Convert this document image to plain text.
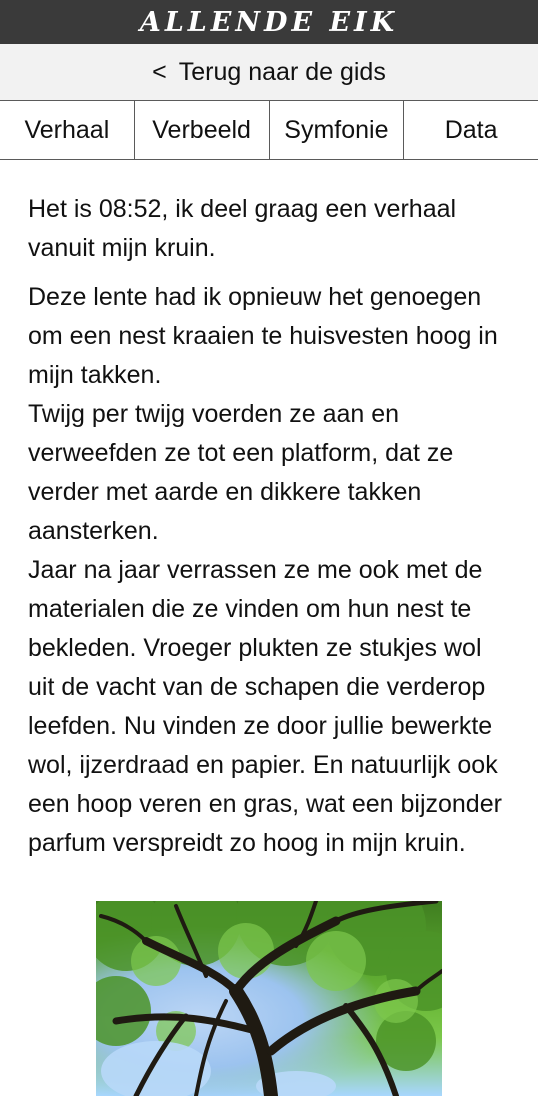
ALLENDE EIK
< Terug naar de gids
Verhaal Verbeeld Symfonie Data

Het is 08:52, ik deel graag een verhaal vanuit mijn kruin.

Deze lente had ik opnieuw het genoegen om een nest kraaien te huisvesten hoog in mijn takken.
Twijg per twijg voerden ze aan en verweefden ze tot een platform, dat ze verder met aarde en dikkere takken aansterken.
Jaar na jaar verrassen ze me ook met de materialen die ze vinden om hun nest te bekleden. Vroeger plukten ze stukjes wol uit de vacht van de schapen die verderop leefden. Nu vinden ze door jullie bewerkte wol, ijzerdraad en papier. En natuurlijk ook een hoop veren en gras, wat een bijzonder parfum verspreidt zo hoog in mijn kruin.
